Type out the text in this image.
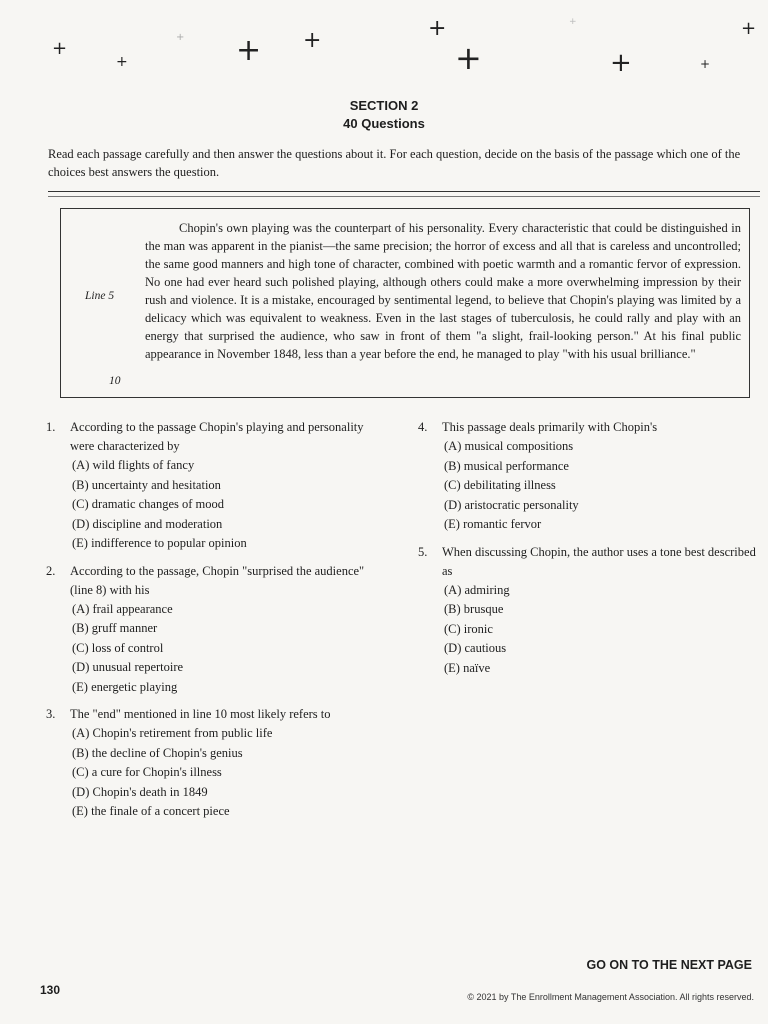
+
+	+ +	+
+	+	+
+
+
+
SECTION 2
40 Questions
Read each passage carefully and then answer the questions about it. For each question, decide on the basis of the passage which one of the choices best answers the question.
Line 5
10

Chopin's own playing was the counterpart of his personality. Every characteristic that could be distinguished in the man was apparent in the pianist—the same precision; the horror of excess and all that is careless and uncontrolled; the same good manners and high tone of character, combined with poetic warmth and a romantic fervor of expression. No one had ever heard such polished playing, although others could make a more overwhelming impression by their rush and violence. It is a mistake, encouraged by sentimental legend, to believe that Chopin's playing was limited by a delicacy which was equivalent to weakness. Even in the last stages of tuberculosis, he could rally and play with an energy that surprised the audience, who saw in front of them "a slight, frail-looking person." At his final public appearance in November 1848, less than a year before the end, he managed to play "with his usual brilliance."

1.	According to the passage Chopin's playing and personality were characterized by
(A) wild flights of fancy
(B) uncertainty and hesitation
(C) dramatic changes of mood
(D) discipline and moderation
(E) indifference to popular opinion
2.	According to the passage, Chopin "surprised the audience" (line 8) with his
(A) frail appearance
(B) gruff manner
(C) loss of control
(D) unusual repertoire
(E) energetic playing
3.	The "end" mentioned in line 10 most likely refers to
(A) Chopin's retirement from public life
(B) the decline of Chopin's genius
(C) a cure for Chopin's illness
(D) Chopin's death in 1849
(E) the finale of a concert piece
4.	This passage deals primarily with Chopin's
(A) musical compositions
(B) musical performance
(C) debilitating illness
(D) aristocratic personality
(E) romantic fervor
5.	When discussing Chopin, the author uses a tone best described as
(A) admiring
(B) brusque
(C) ironic
(D) cautious
(E) naïve
GO ON TO THE NEXT PAGE
130	© 2021 by The Enrollment Management Association. All rights reserved.
